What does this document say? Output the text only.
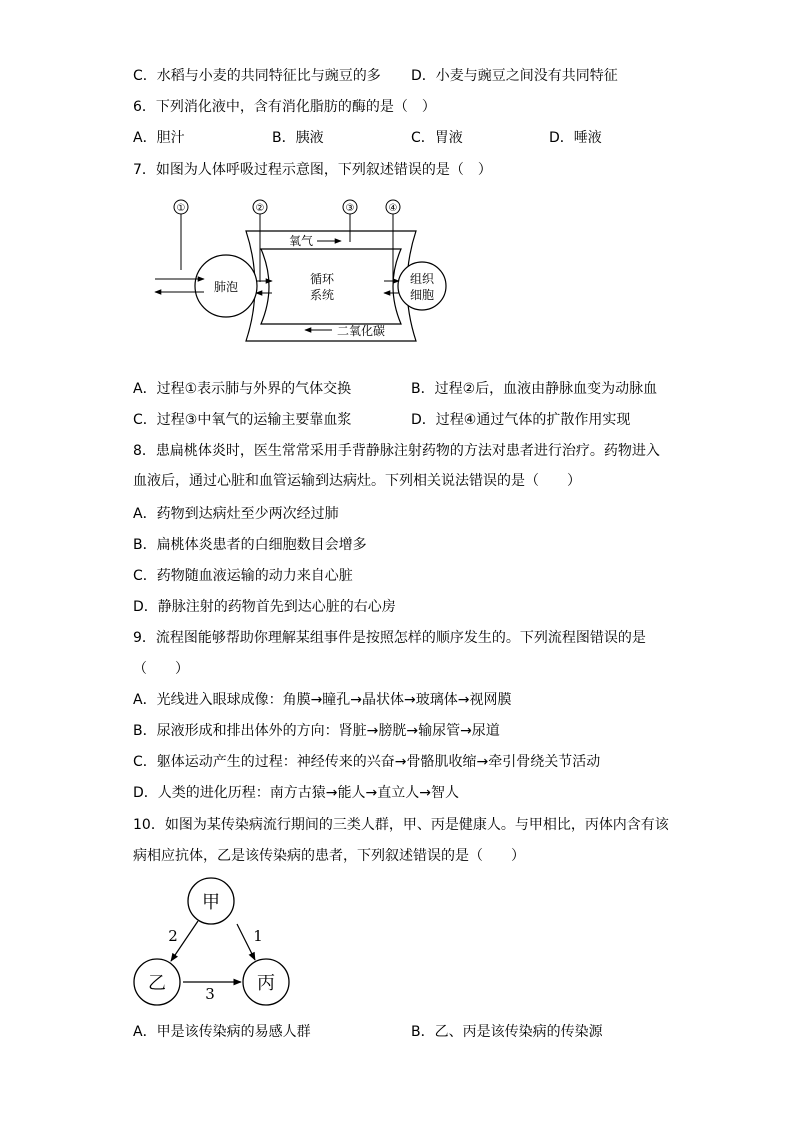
C．水稻与小麦的共同特征比与豌豆的多 D．小麦与豌豆之间没有共同特征
6．下列消化液中，含有消化脂肪的酶的是（　）
A．胆汁	B．胰液	C．胃液	D．唾液
7．如图为人体呼吸过程示意图，下列叙述错误的是（　）
①	②	③	④
肺泡
组织
细胞
循环
系统
氧气
二氧化碳
A．过程①表示肺与外界的气体交换	B．过程②后，血液由静脉血变为动脉血
C．过程③中氧气的运输主要靠血浆	D．过程④通过气体的扩散作用实现
8．患扁桃体炎时，医生常常采用手背静脉注射药物的方法对患者进行治疗。药物进入
血液后，通过心脏和血管运输到达病灶。下列相关说法错误的是（　　）
A．药物到达病灶至少两次经过肺
B．扁桃体炎患者的白细胞数目会增多
C．药物随血液运输的动力来自心脏
D．静脉注射的药物首先到达心脏的右心房
9．流程图能够帮助你理解某组事件是按照怎样的顺序发生的。下列流程图错误的是
（　　）
A．光线进入眼球成像：角膜→瞳孔→晶状体→玻璃体→视网膜
B．尿液形成和排出体外的方向：肾脏→膀胱→输尿管→尿道
C．躯体运动产生的过程：神经传来的兴奋→骨骼肌收缩→牵引骨绕关节活动
D．人类的进化历程：南方古猿→能人→直立人→智人
10．如图为某传染病流行期间的三类人群，甲、丙是健康人。与甲相比，丙体内含有该
病相应抗体，乙是该传染病的患者，下列叙述错误的是（　　）
甲
乙	丙
2	1
3
A．甲是该传染病的易感人群	B．乙、丙是该传染病的传染源
